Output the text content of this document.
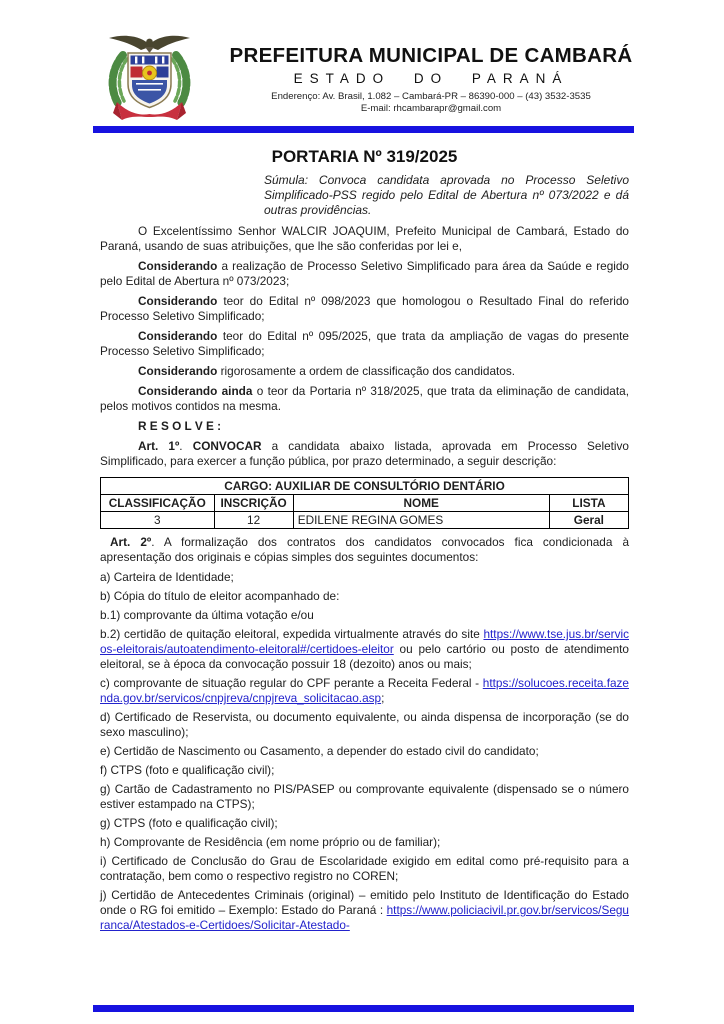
PREFEITURA MUNICIPAL DE CAMBARÁ
ESTADO DO PARANÁ
Enderenço: Av. Brasil, 1.082 – Cambará-PR – 86390-000 – (43) 3532-3535
E-mail: rhcambarapr@gmail.com
PORTARIA Nº 319/2025
Súmula: Convoca candidata aprovada no Processo Seletivo Simplificado-PSS regido pelo Edital de Abertura nº 073/2022 e dá outras providências.
O Excelentíssimo Senhor WALCIR JOAQUIM, Prefeito Municipal de Cambará, Estado do Paraná, usando de suas atribuições, que lhe são conferidas por lei e,
Considerando a realização de Processo Seletivo Simplificado para área da Saúde e regido pelo Edital de Abertura nº 073/2023;
Considerando teor do Edital nº 098/2023 que homologou o Resultado Final do referido Processo Seletivo Simplificado;
Considerando teor do Edital nº 095/2025, que trata da ampliação de vagas do presente Processo Seletivo Simplificado;
Considerando rigorosamente a ordem de classificação dos candidatos.
Considerando ainda o teor da Portaria nº 318/2025, que trata da eliminação de candidata, pelos motivos contidos na mesma.
R E S O L V E :
Art. 1º. CONVOCAR a candidata abaixo listada, aprovada em Processo Seletivo Simplificado, para exercer a função pública, por prazo determinado, a seguir descrição:
CARGO: AUXILIAR DE CONSULTÓRIO DENTÁRIO			
CLASSIFICAÇÃO	INSCRIÇÃO	NOME	LISTA
3	12	EDILENE REGINA GOMES	Geral
Art. 2º. A formalização dos contratos dos candidatos convocados fica condicionada à apresentação dos originais e cópias simples dos seguintes documentos:
a) Carteira de Identidade;
b) Cópia do título de eleitor acompanhado de:
b.1) comprovante da última votação e/ou
b.2) certidão de quitação eleitoral, expedida virtualmente através do site https://www.tse.jus.br/servicos-eleitorais/autoatendimento-eleitoral#/certidoes-eleitor ou pelo cartório ou posto de atendimento eleitoral, se à época da convocação possuir 18 (dezoito) anos ou mais;
c) comprovante de situação regular do CPF perante a Receita Federal - https://solucoes.receita.fazenda.gov.br/servicos/cnpjreva/cnpjreva_solicitacao.asp;
d) Certificado de Reservista, ou documento equivalente, ou ainda dispensa de incorporação (se do sexo masculino);
e) Certidão de Nascimento ou Casamento, a depender do estado civil do candidato;
f) CTPS (foto e qualificação civil);
g) Cartão de Cadastramento no PIS/PASEP ou comprovante equivalente (dispensado se o número estiver estampado na CTPS);
g) CTPS (foto e qualificação civil);
h) Comprovante de Residência (em nome próprio ou de familiar);
i) Certificado de Conclusão do Grau de Escolaridade exigido em edital como pré-requisito para a contratação, bem como o respectivo registro no COREN;
j) Certidão de Antecedentes Criminais (original) – emitido pelo Instituto de Identificação do Estado onde o RG foi emitido – Exemplo: Estado do Paraná : https://www.policiacivil.pr.gov.br/servicos/Seguranca/Atestados-e-Certidoes/Solicitar-Atestado-
